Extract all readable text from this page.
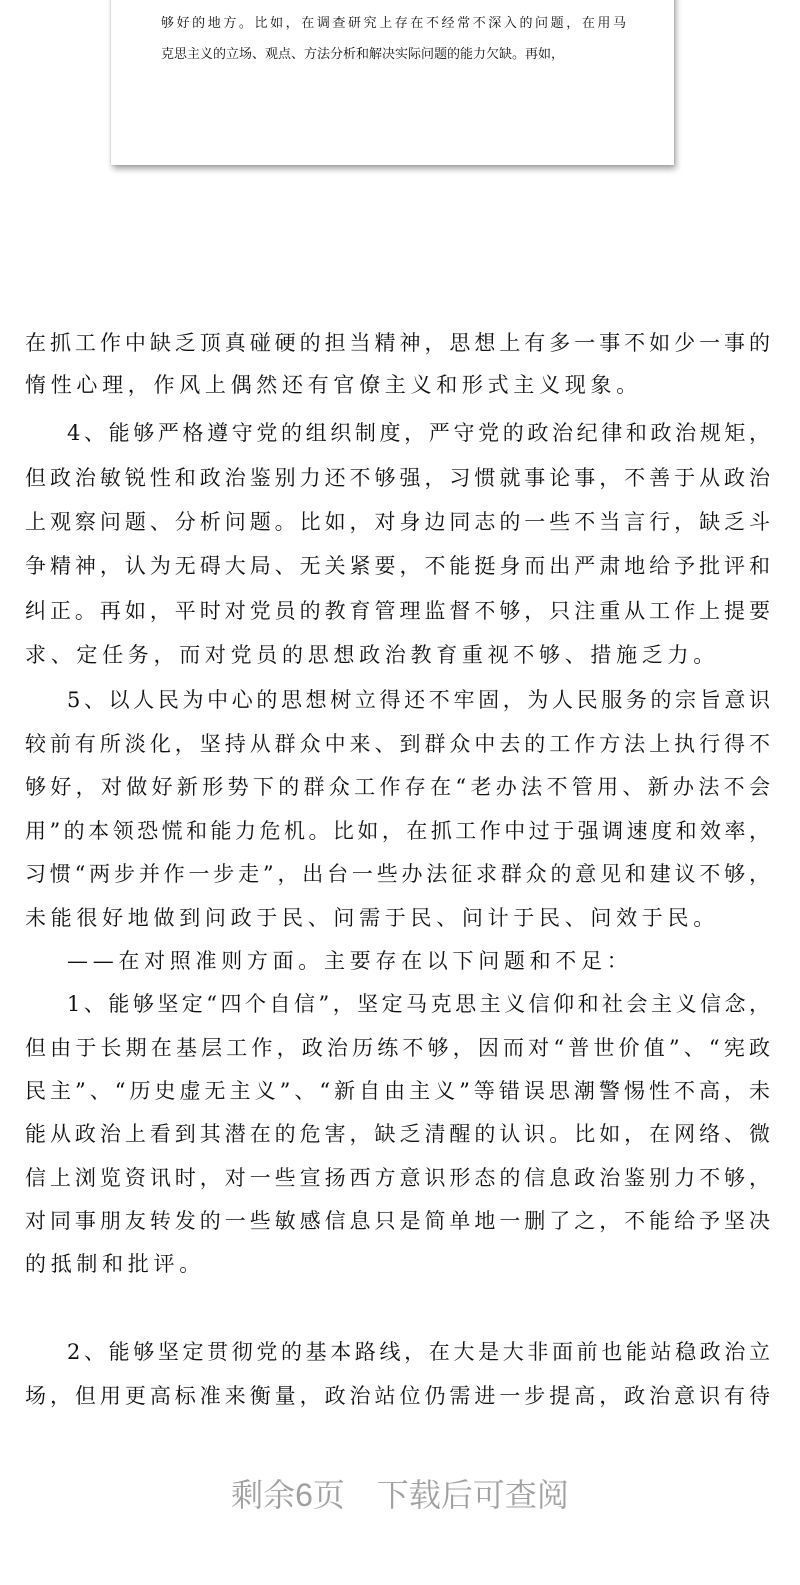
够好的地方。比如，在调查研究上存在不经常不深入的问题，在用马
克思主义的立场、观点、方法分析和解决实际问题的能力欠缺。再如，
在抓工作中缺乏顶真碰硬的担当精神，思想上有多一事不如少一事的
惰性心理，作风上偶然还有官僚主义和形式主义现象。
4、能够严格遵守党的组织制度，严守党的政治纪律和政治规矩，
但政治敏锐性和政治鉴别力还不够强，习惯就事论事，不善于从政治
上观察问题、分析问题。比如，对身边同志的一些不当言行，缺乏斗
争精神，认为无碍大局、无关紧要，不能挺身而出严肃地给予批评和
纠正。再如，平时对党员的教育管理监督不够，只注重从工作上提要
求、定任务，而对党员的思想政治教育重视不够、措施乏力。
5、以人民为中心的思想树立得还不牢固，为人民服务的宗旨意识
较前有所淡化，坚持从群众中来、到群众中去的工作方法上执行得不
够好，对做好新形势下的群众工作存在“老办法不管用、新办法不会
用”的本领恐慌和能力危机。比如，在抓工作中过于强调速度和效率，
习惯“两步并作一步走”，出台一些办法征求群众的意见和建议不够，
未能很好地做到问政于民、问需于民、问计于民、问效于民。
——在对照准则方面。主要存在以下问题和不足：
1、能够坚定“四个自信”，坚定马克思主义信仰和社会主义信念，
但由于长期在基层工作，政治历练不够，因而对“普世价值”、“宪政
民主”、“历史虚无主义”、“新自由主义”等错误思潮警惕性不高，未
能从政治上看到其潜在的危害，缺乏清醒的认识。比如，在网络、微
信上浏览资讯时，对一些宣扬西方意识形态的信息政治鉴别力不够，
对同事朋友转发的一些敏感信息只是简单地一删了之，不能给予坚决
的抵制和批评。
2、能够坚定贯彻党的基本路线，在大是大非面前也能站稳政治立
场，但用更高标准来衡量，政治站位仍需进一步提高，政治意识有待
剩余6页　下载后可查阅
